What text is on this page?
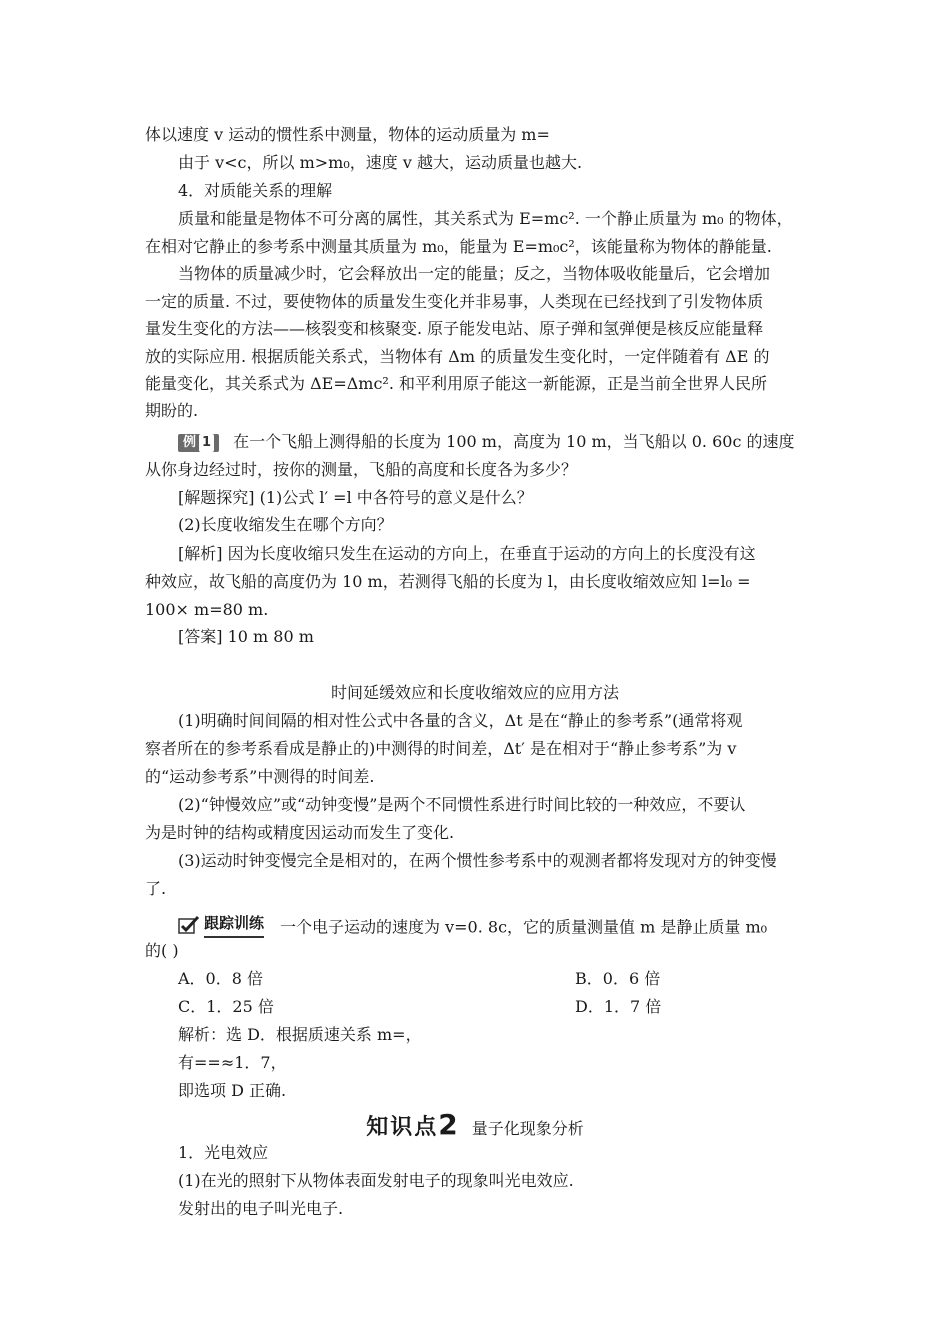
体以速度 v 运动的惯性系中测量，物体的运动质量为 m=
由于 v<c，所以 m>m₀，速度 v 越大，运动质量也越大.
4．对质能关系的理解
质量和能量是物体不可分离的属性，其关系式为 E=mc². 一个静止质量为 m₀ 的物体，
在相对它静止的参考系中测量其质量为 m₀，能量为 E=m₀c²，该能量称为物体的静能量.
当物体的质量减少时，它会释放出一定的能量；反之，当物体吸收能量后，它会增加
一定的质量. 不过，要使物体的质量发生变化并非易事，人类现在已经找到了引发物体质
量发生变化的方法——核裂变和核聚变. 原子能发电站、原子弹和氢弹便是核反应能量释
放的实际应用. 根据质能关系式，当物体有 Δm 的质量发生变化时，一定伴随着有 ΔE 的
能量变化，其关系式为 ΔE=Δmc². 和平利用原子能这一新能源，正是当前全世界人民所
期盼的.
例 1 在一个飞船上测得船的长度为 100 m，高度为 10 m，当飞船以 0. 60c 的速度
从你身边经过时，按你的测量，飞船的高度和长度各为多少？
[解题探究] (1)公式 l′ =l 中各符号的意义是什么？
(2)长度收缩发生在哪个方向？
[解析] 因为长度收缩只发生在运动的方向上，在垂直于运动的方向上的长度没有这
种效应，故飞船的高度仍为 10 m，若测得飞船的长度为 l，由长度收缩效应知 l=l₀ =
100× m=80 m.
[答案] 10 m 80 m
时间延缓效应和长度收缩效应的应用方法
(1)明确时间间隔的相对性公式中各量的含义，Δt 是在“静止的参考系”(通常将观
察者所在的参考系看成是静止的)中测得的时间差，Δt′ 是在相对于“静止参考系”为 v
的“运动参考系”中测得的时间差.
(2)“钟慢效应”或“动钟变慢”是两个不同惯性系进行时间比较的一种效应，不要认
为是时钟的结构或精度因运动而发生了变化.
(3)运动时钟变慢完全是相对的，在两个惯性参考系中的观测者都将发现对方的钟变慢
了.
跟踪训练 一个电子运动的速度为 v=0. 8c，它的质量测量值 m 是静止质量 m₀
的( )
A．0．8 倍	B．0．6 倍
C．1．25 倍	D．1．7 倍
解析：选 D．根据质速关系 m=，
有==≈1．7，
即选项 D 正确.
知识点2 量子化现象分析
1．光电效应
(1)在光的照射下从物体表面发射电子的现象叫光电效应.
发射出的电子叫光电子.
